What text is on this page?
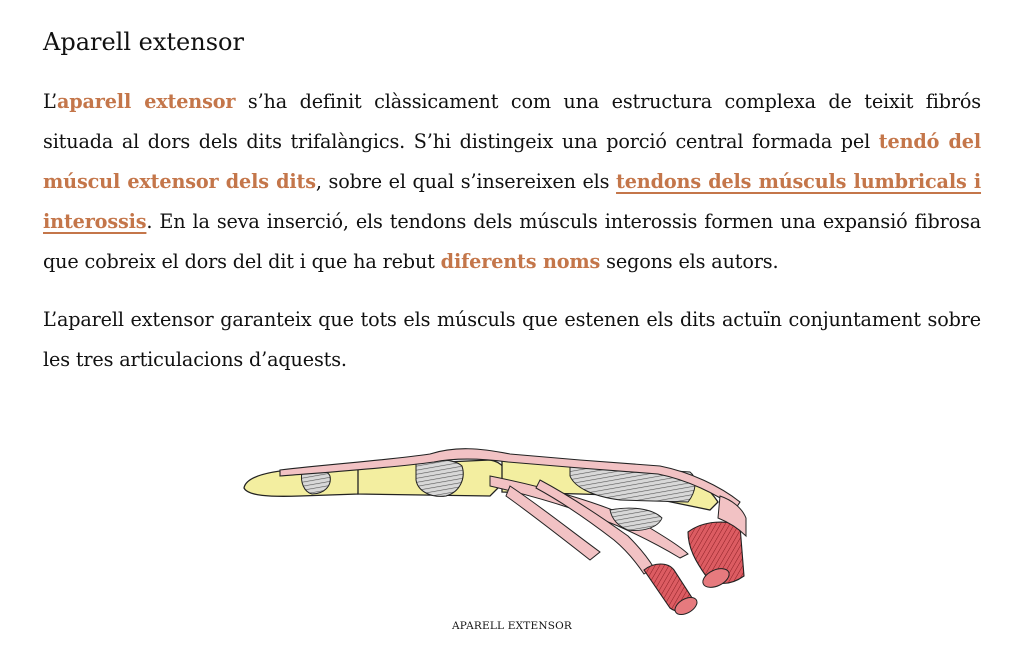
Aparell extensor

L’aparell extensor s’ha definit clàssicament com una estructura complexa de teixit fibrós situada al dors dels dits trifalàngics. S’hi distingeix una porció central formada pel tendó del múscul extensor dels dits, sobre el qual s’insereixen els tendons dels músculs lumbricals i interossis. En la seva inserció, els tendons dels músculs interossis formen una expansió fibrosa que cobreix el dors del dit i que ha rebut diferents noms segons els autors.

L’aparell extensor garanteix que tots els músculs que estenen els dits actuïn conjuntament sobre les tres articulacions d’aquests.

APARELL EXTENSOR
